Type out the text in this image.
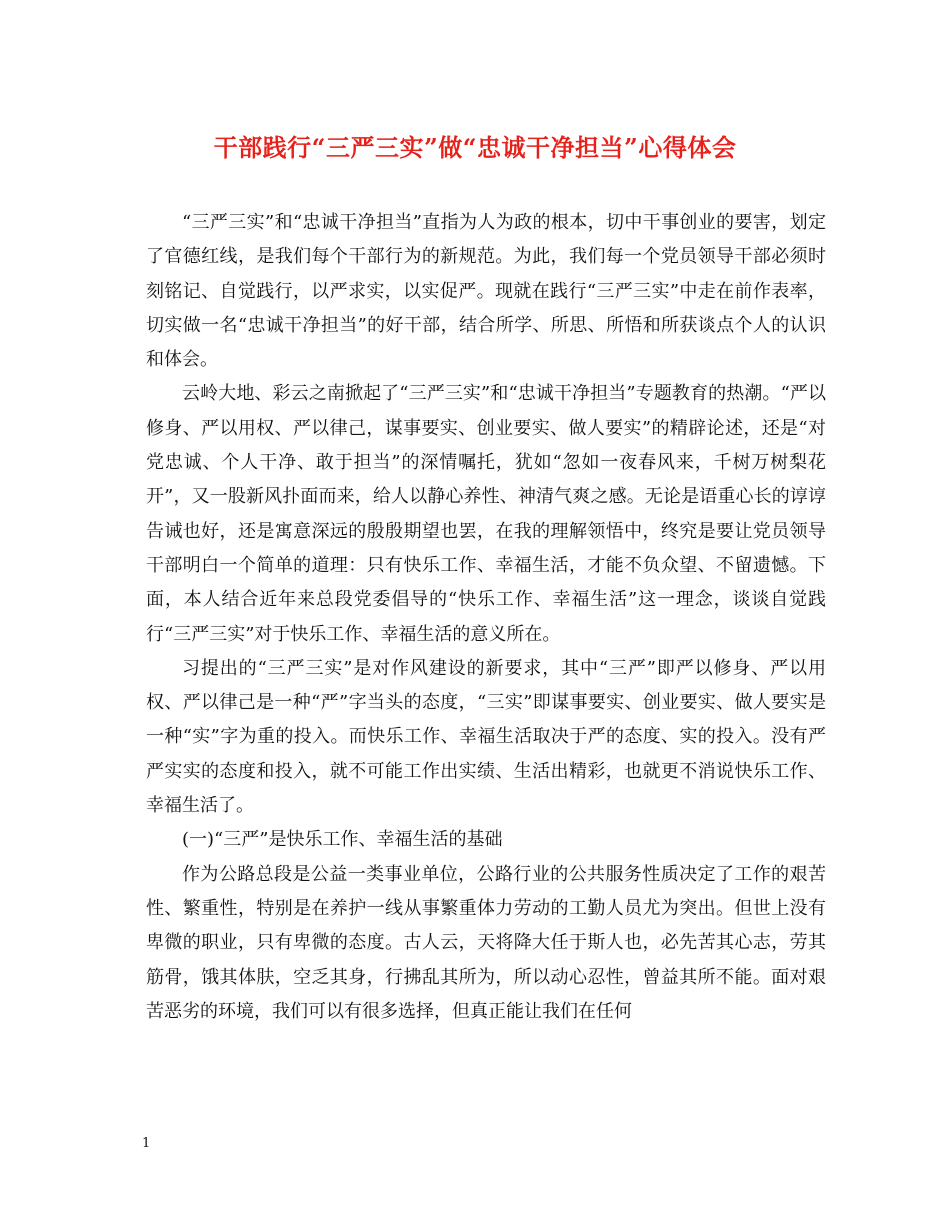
干部践行“三严三实”做“忠诚干净担当”心得体会

“三严三实”和“忠诚干净担当”直指为人为政的根本，切中干事创业的要害，划定了官德红线，是我们每个干部行为的新规范。为此，我们每一个党员领导干部必须时刻铭记、自觉践行，以严求实，以实促严。现就在践行“三严三实”中走在前作表率，切实做一名“忠诚干净担当”的好干部，结合所学、所思、所悟和所获谈点个人的认识和体会。

云岭大地、彩云之南掀起了“三严三实”和“忠诚干净担当”专题教育的热潮。“严以修身、严以用权、严以律己，谋事要实、创业要实、做人要实”的精辟论述，还是“对党忠诚、个人干净、敢于担当”的深情嘱托，犹如“忽如一夜春风来，千树万树梨花开”，又一股新风扑面而来，给人以静心养性、神清气爽之感。无论是语重心长的谆谆告诫也好，还是寓意深远的殷殷期望也罢，在我的理解领悟中，终究是要让党员领导干部明白一个简单的道理：只有快乐工作、幸福生活，才能不负众望、不留遗憾。下面，本人结合近年来总段党委倡导的“快乐工作、幸福生活”这一理念，谈谈自觉践行“三严三实”对于快乐工作、幸福生活的意义所在。

习提出的“三严三实”是对作风建设的新要求，其中“三严”即严以修身、严以用权、严以律己是一种“严”字当头的态度，“三实”即谋事要实、创业要实、做人要实是一种“实”字为重的投入。而快乐工作、幸福生活取决于严的态度、实的投入。没有严严实实的态度和投入，就不可能工作出实绩、生活出精彩，也就更不消说快乐工作、幸福生活了。

(一)“三严”是快乐工作、幸福生活的基础

作为公路总段是公益一类事业单位，公路行业的公共服务性质决定了工作的艰苦性、繁重性，特别是在养护一线从事繁重体力劳动的工勤人员尤为突出。但世上没有卑微的职业，只有卑微的态度。古人云，天将降大任于斯人也，必先苦其心志，劳其筋骨，饿其体肤，空乏其身，行拂乱其所为，所以动心忍性，曾益其所不能。面对艰苦恶劣的环境，我们可以有很多选择，但真正能让我们在任何

1
